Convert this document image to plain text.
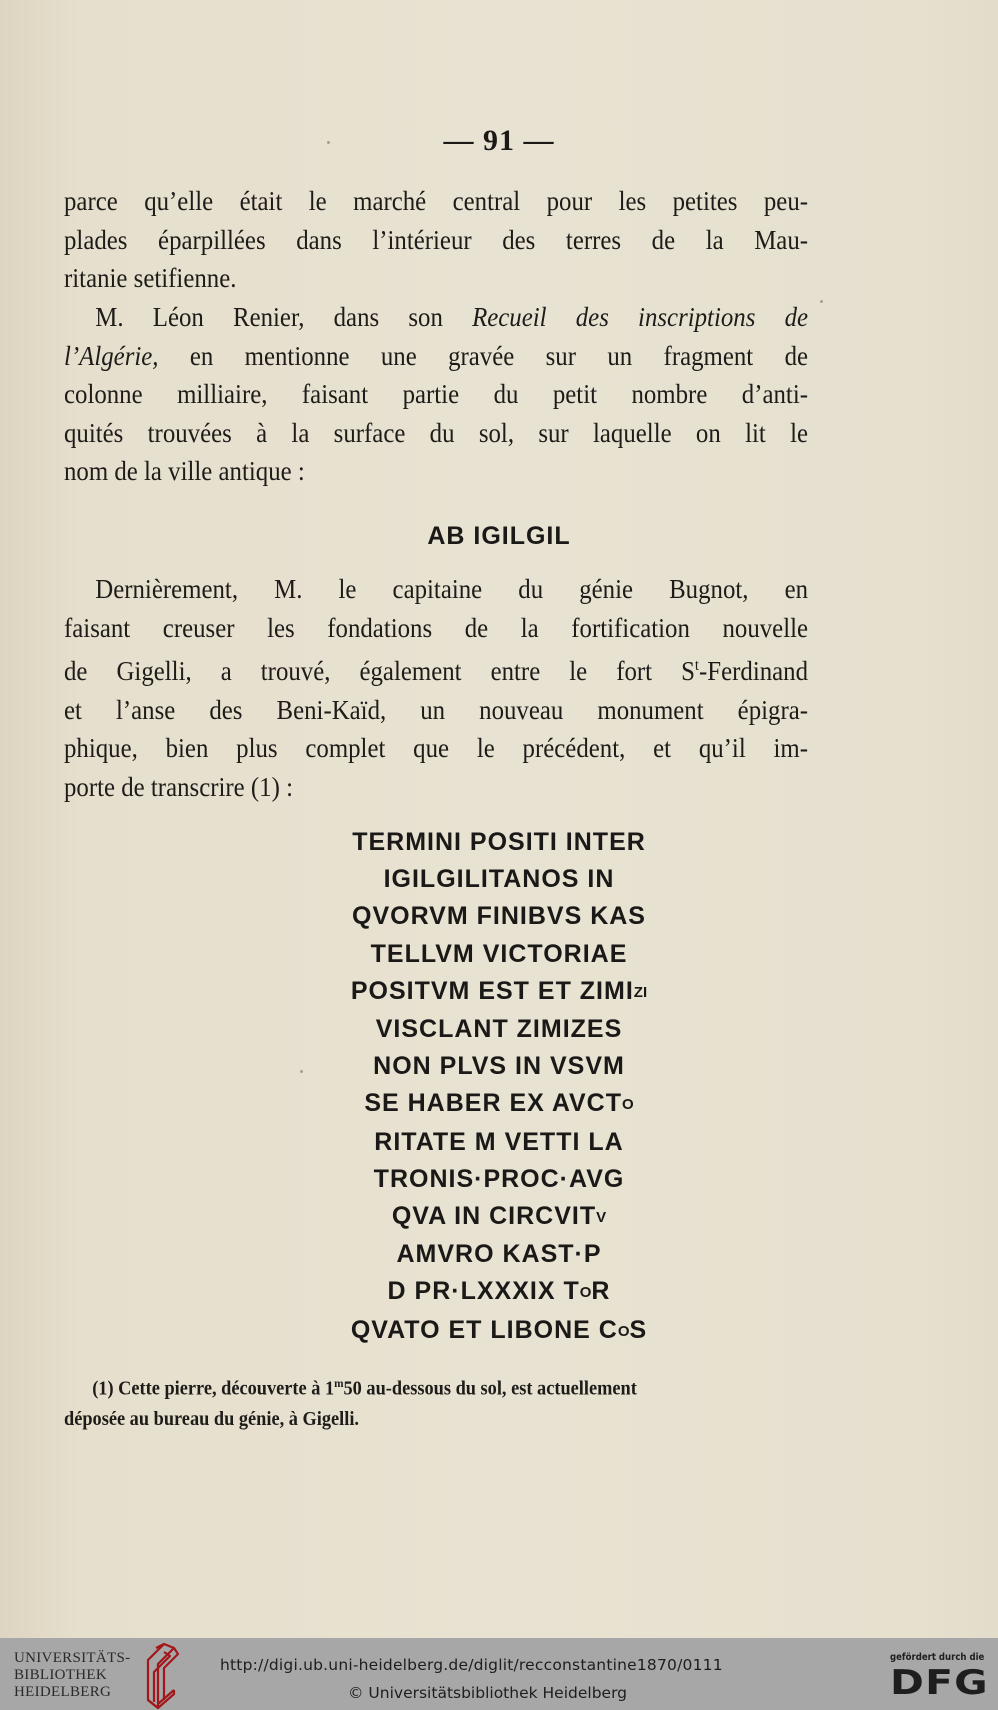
— 91 —
parce qu’elle était le marché central pour les petites peu-
plades éparpillées dans l’intérieur des terres de la Mau-
ritanie setifienne.
M. Léon Renier, dans son Recueil des inscriptions de
l’Algérie, en mentionne une gravée sur un fragment de
colonne milliaire, faisant partie du petit nombre d’anti-
quités trouvées à la surface du sol, sur laquelle on lit le
nom de la ville antique :
AB IGILGIL
Dernièrement, M. le capitaine du génie Bugnot, en
faisant creuser les fondations de la fortification nouvelle
de Gigelli, a trouvé, également entre le fort $S^t$-Ferdinand
et l’anse des Beni-Kaïd, un nouveau monument épigra-
phique, bien plus complet que le précédent, et qu’il im-
porte de transcrire (1) :
TERMINI POSITI INTER
IGILGILITANOS IN
QVORVM FINIBVS KAS
TELLVM VICTORIAE
POSITVM EST ET ZIMIZI
VISCLANT ZIMIZES
NON PLVS IN VSVM
SE HABER EX AVCTO
RITATE M VETTI LA
TRONIS·PROC·AVG
QVA IN CIRCVITV
AMVRO KAST·P
D PR·LXXXIX TOR
QVATO ET LIBONE COS
(1) Cette pierre, découverte à 1$^m$50 au-dessous du sol, est actuellement
déposée au bureau du génie, à Gigelli.
UNIVERSITÄTS-
BIBLIOTHEK
HEIDELBERG
http://digi.ub.uni-heidelberg.de/diglit/recconstantine1870/0111
© Universitätsbibliothek Heidelberg
gefördert durch die
DFG
